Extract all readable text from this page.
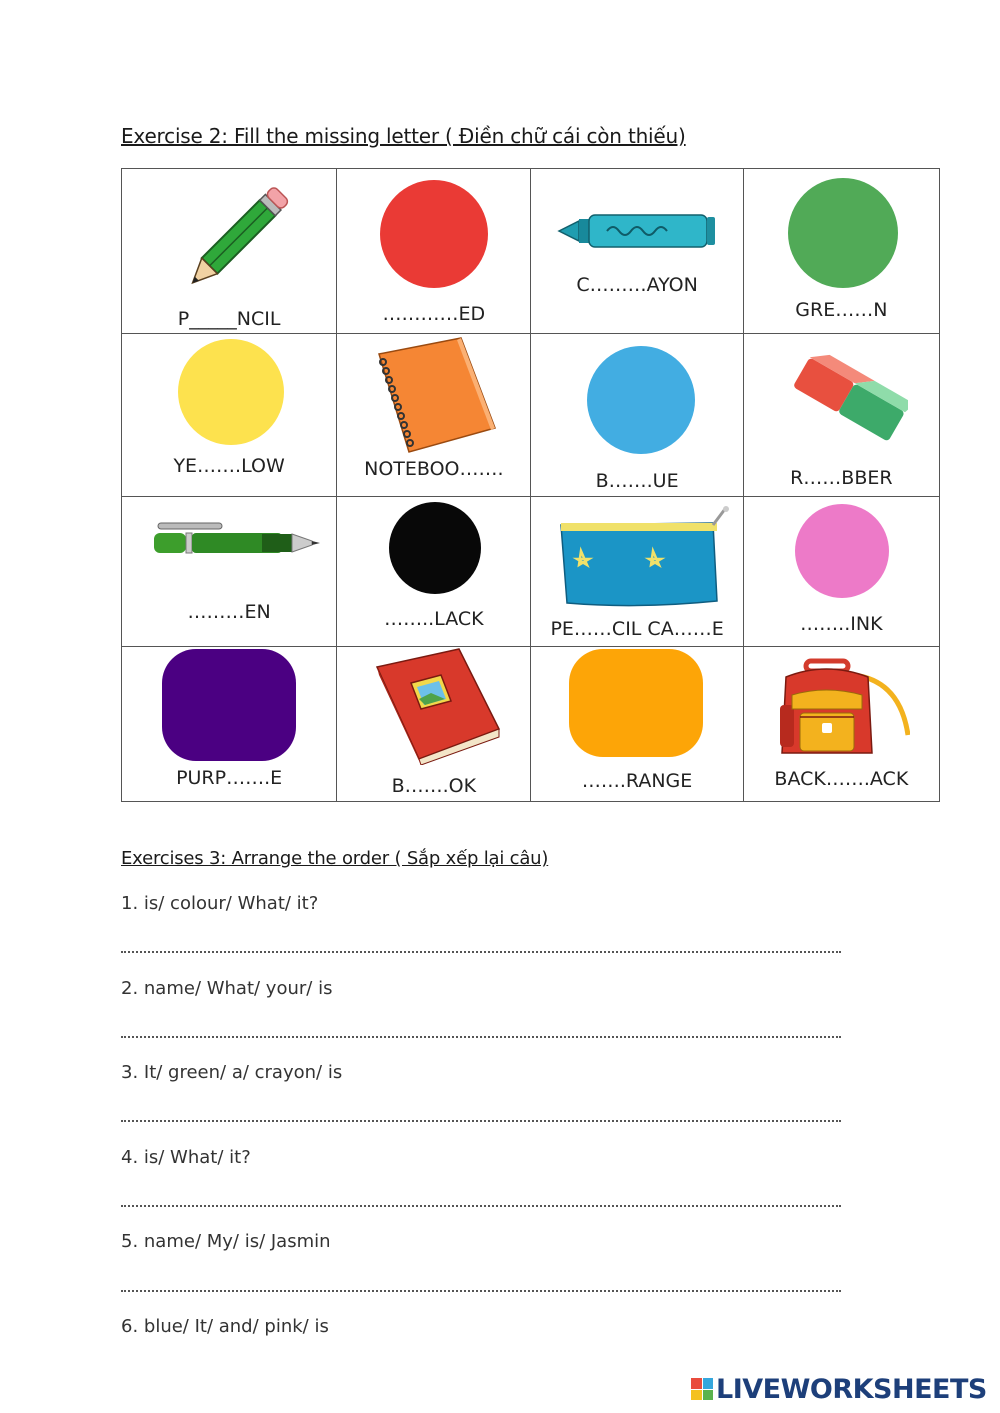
Exercise 2: Fill the missing letter ( Điền chữ cái còn thiếu)
P_____NCIL	…………ED	C………AYON	GRE……N

YE…….LOW	NOTEBOO…….	B…….UE	R……BBER

………EN	……..LACK	PE……CIL CA……E	……..INK

PURP…….E	B…….OK	…….RANGE	BACK…….ACK
Exercises 3: Arrange the order ( Sắp xếp lại câu)
1. is/ colour/ What/ it?
2. name/ What/ your/ is
3. It/ green/ a/ crayon/ is
4. is/ What/ it?
5. name/ My/ is/ Jasmin
6. blue/ It/ and/ pink/ is
LIVEWORKSHEETS
